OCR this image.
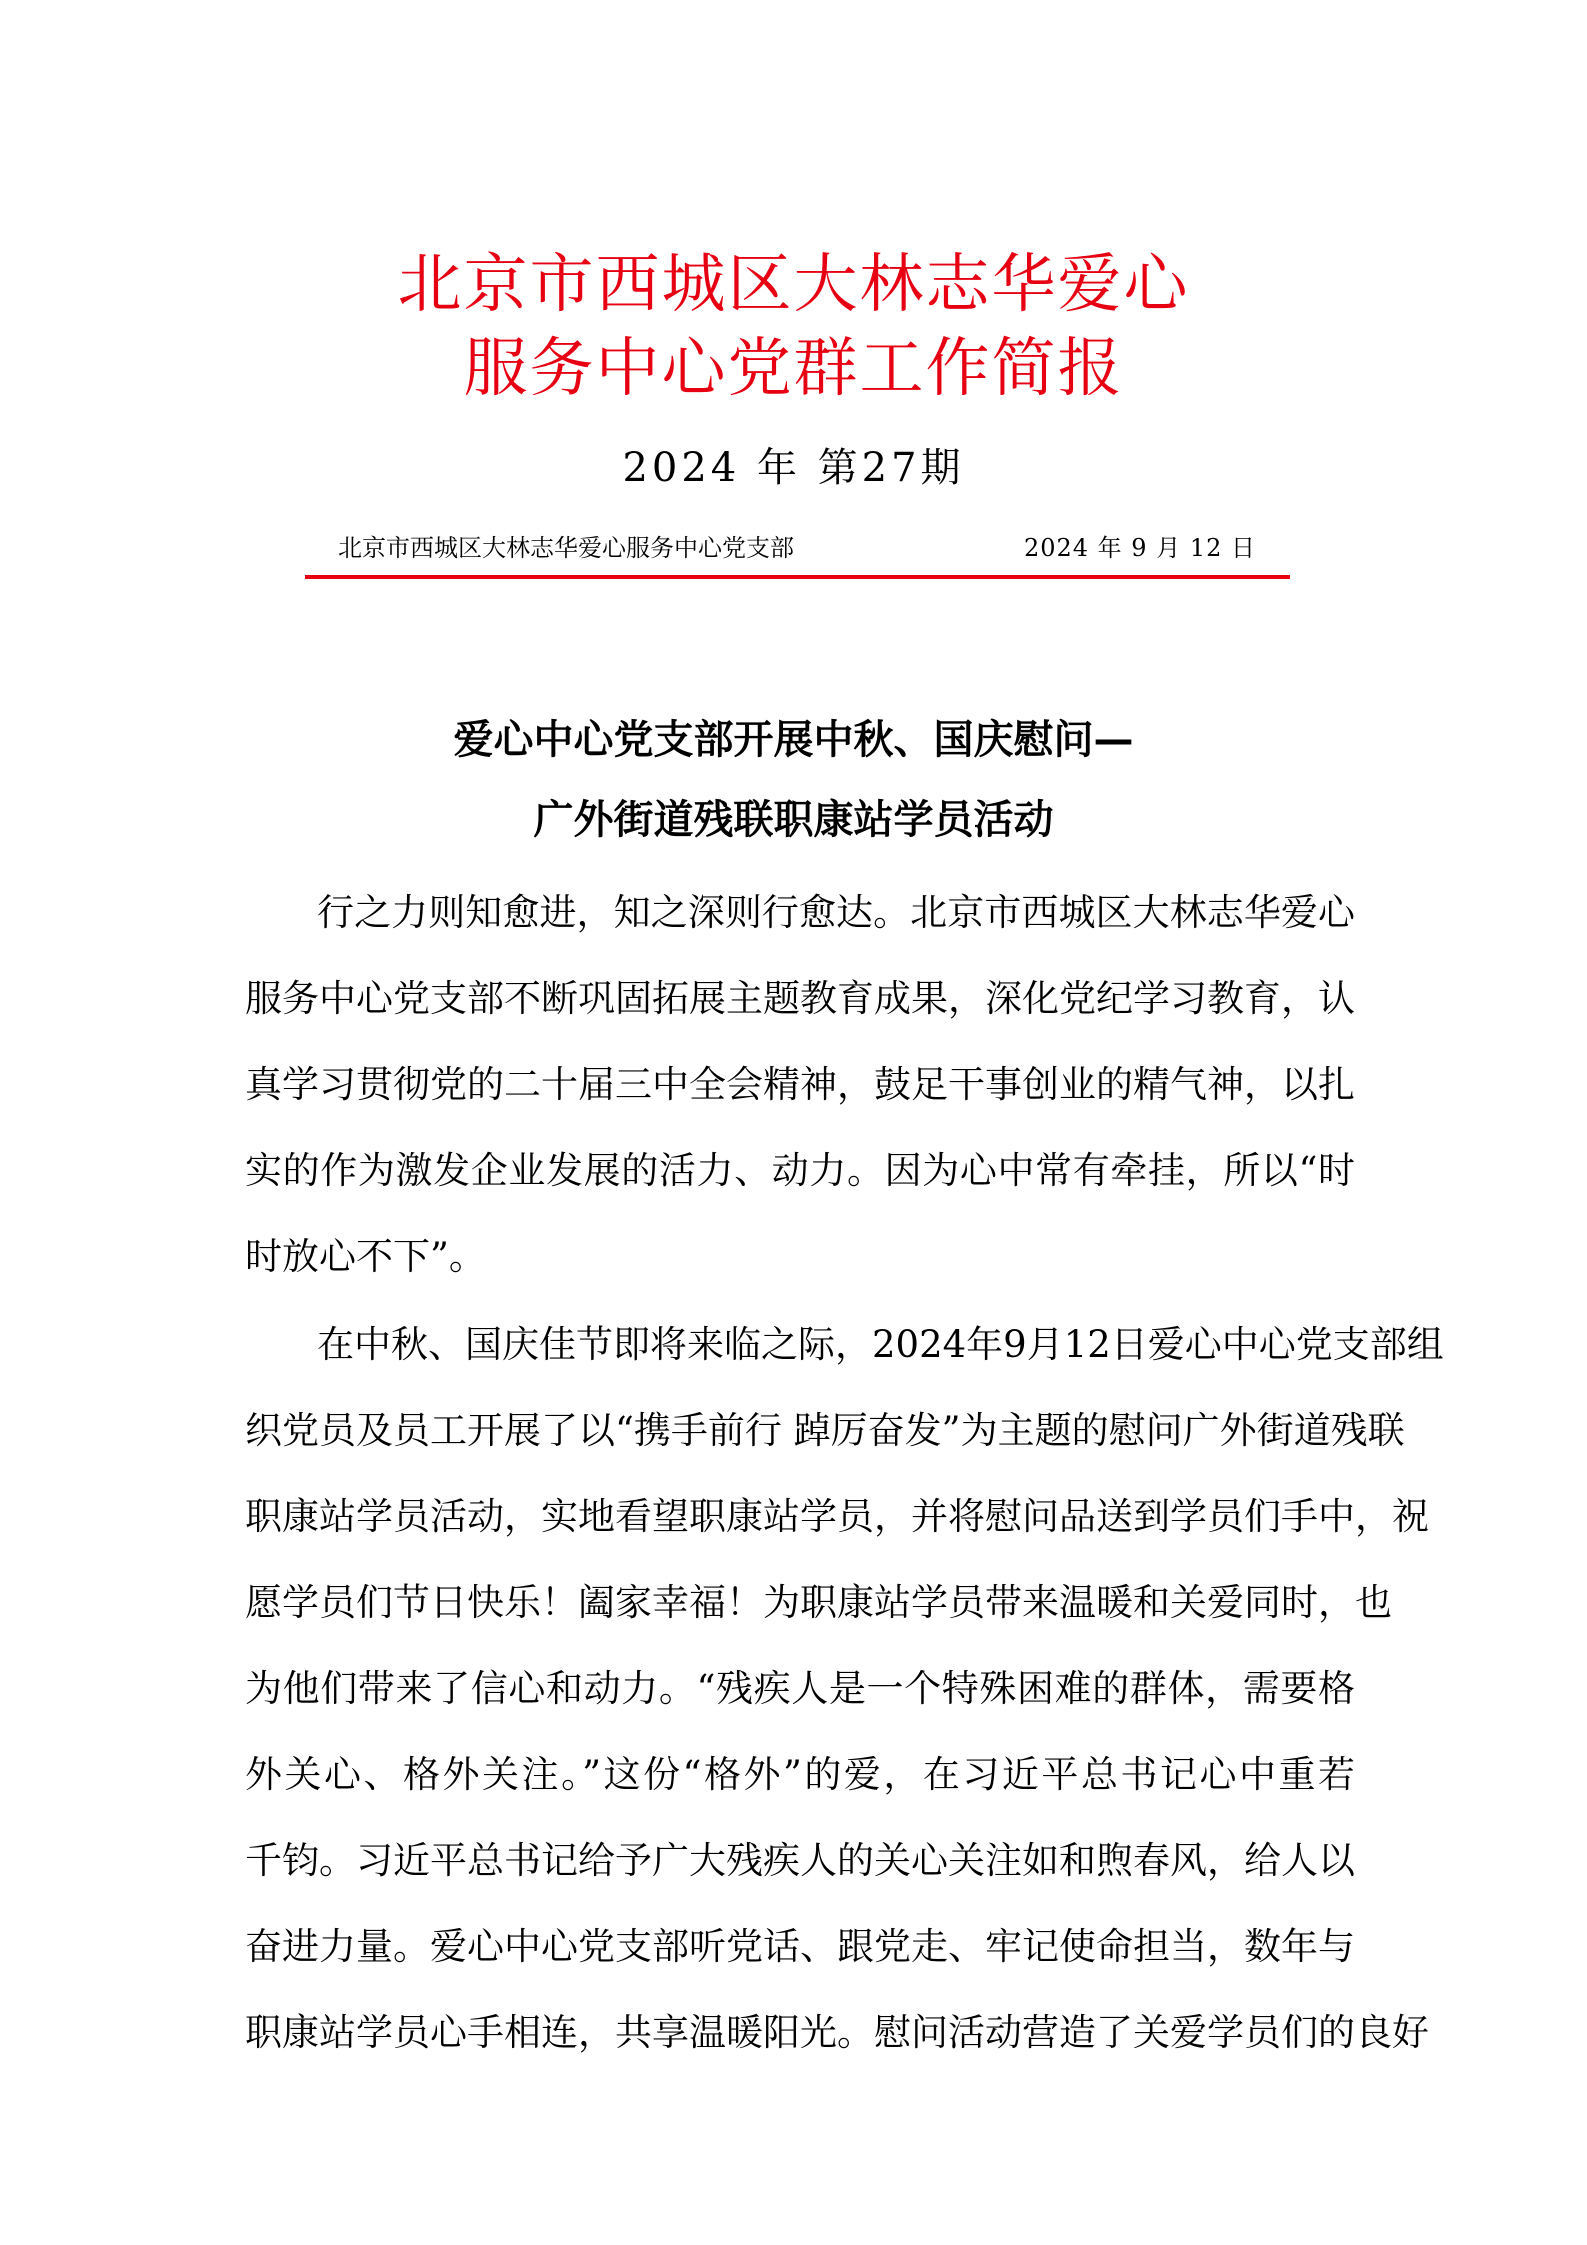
北京市西城区大林志华爱心
服务中心党群工作简报
2024 年 第27期
北京市西城区大林志华爱心服务中心党支部	2024 年 9 月 12 日
爱心中心党支部开展中秋、国庆慰问—
广外街道残联职康站学员活动
行之力则知愈进，知之深则行愈达。北京市西城区大林志华爱心
服务中心党支部不断巩固拓展主题教育成果，深化党纪学习教育，认
真学习贯彻党的二十届三中全会精神，鼓足干事创业的精气神，以扎
实的作为激发企业发展的活力、动力。因为心中常有牵挂，所以“时
时放心不下”。
在中秋、国庆佳节即将来临之际，2024年9月12日爱心中心党支部组
织党员及员工开展了以“携手前行 踔厉奋发”为主题的慰问广外街道残联
职康站学员活动，实地看望职康站学员，并将慰问品送到学员们手中，祝
愿学员们节日快乐！阖家幸福！为职康站学员带来温暖和关爱同时，也
为他们带来了信心和动力。“残疾人是一个特殊困难的群体，需要格
外关心、格外关注。”这份“格外”的爱，在习近平总书记心中重若
千钧。习近平总书记给予广大残疾人的关心关注如和煦春风，给人以
奋进力量。爱心中心党支部听党话、跟党走、牢记使命担当，数年与
职康站学员心手相连，共享温暖阳光。慰问活动营造了关爱学员们的良好
